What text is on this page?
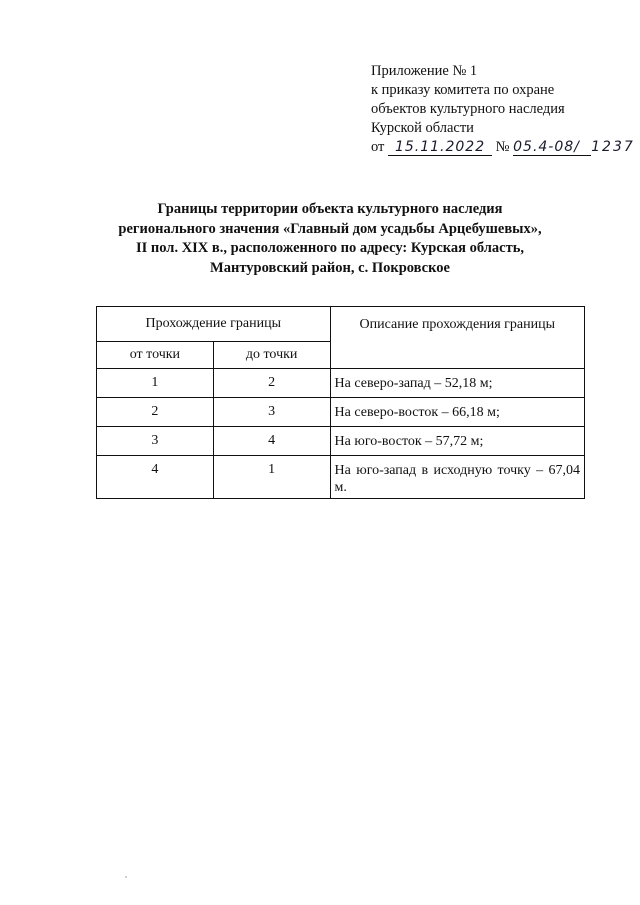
Приложение № 1
к приказу комитета по охране
объектов культурного наследия
Курской области
от 15.11.2022 № 05.4-08/ 1237
Границы территории объекта культурного наследия
регионального значения «Главный дом усадьбы Арцебушевых»,
II пол. XIX в., расположенного по адресу: Курская область,
Мантуровский район, с. Покровское
Прохождение границы		Описание прохождения границы
от точки	до точки	
1	2	На северо-запад – 52,18 м;
2	3	На северо-восток – 66,18 м;
3	4	На юго-восток – 57,72 м;
4	1	На юго-запад в исходную точку – 67,04 м.
